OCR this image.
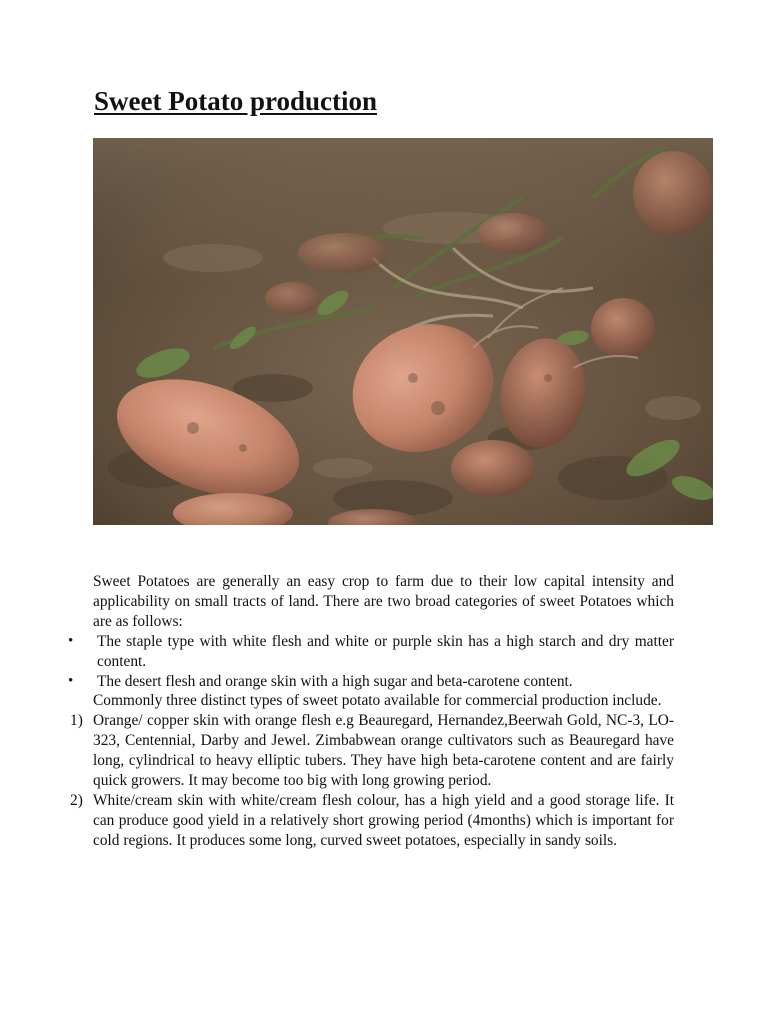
Sweet Potato production

Sweet Potatoes are generally an easy crop to farm due to their low capital intensity and applicability on small tracts of land. There are two broad categories of sweet Potatoes which are as follows:

• The staple type with white flesh and white or purple skin has a high starch and dry matter content.
• The desert flesh and orange skin with a high sugar and beta-carotene content.

Commonly three distinct types of sweet potato available for commercial production include.

1) Orange/ copper skin with orange flesh e.g Beauregard, Hernandez,Beerwah Gold, NC-3, LO-323, Centennial, Darby and Jewel. Zimbabwean orange cultivators such as Beauregard have long, cylindrical to heavy elliptic tubers. They have high beta-carotene content and are fairly quick growers. It may become too big with long growing period.
2) White/cream skin with white/cream flesh colour, has a high yield and a good storage life. It can produce good yield in a relatively short growing period (4months) which is important for cold regions. It produces some long, curved sweet potatoes, especially in sandy soils.
